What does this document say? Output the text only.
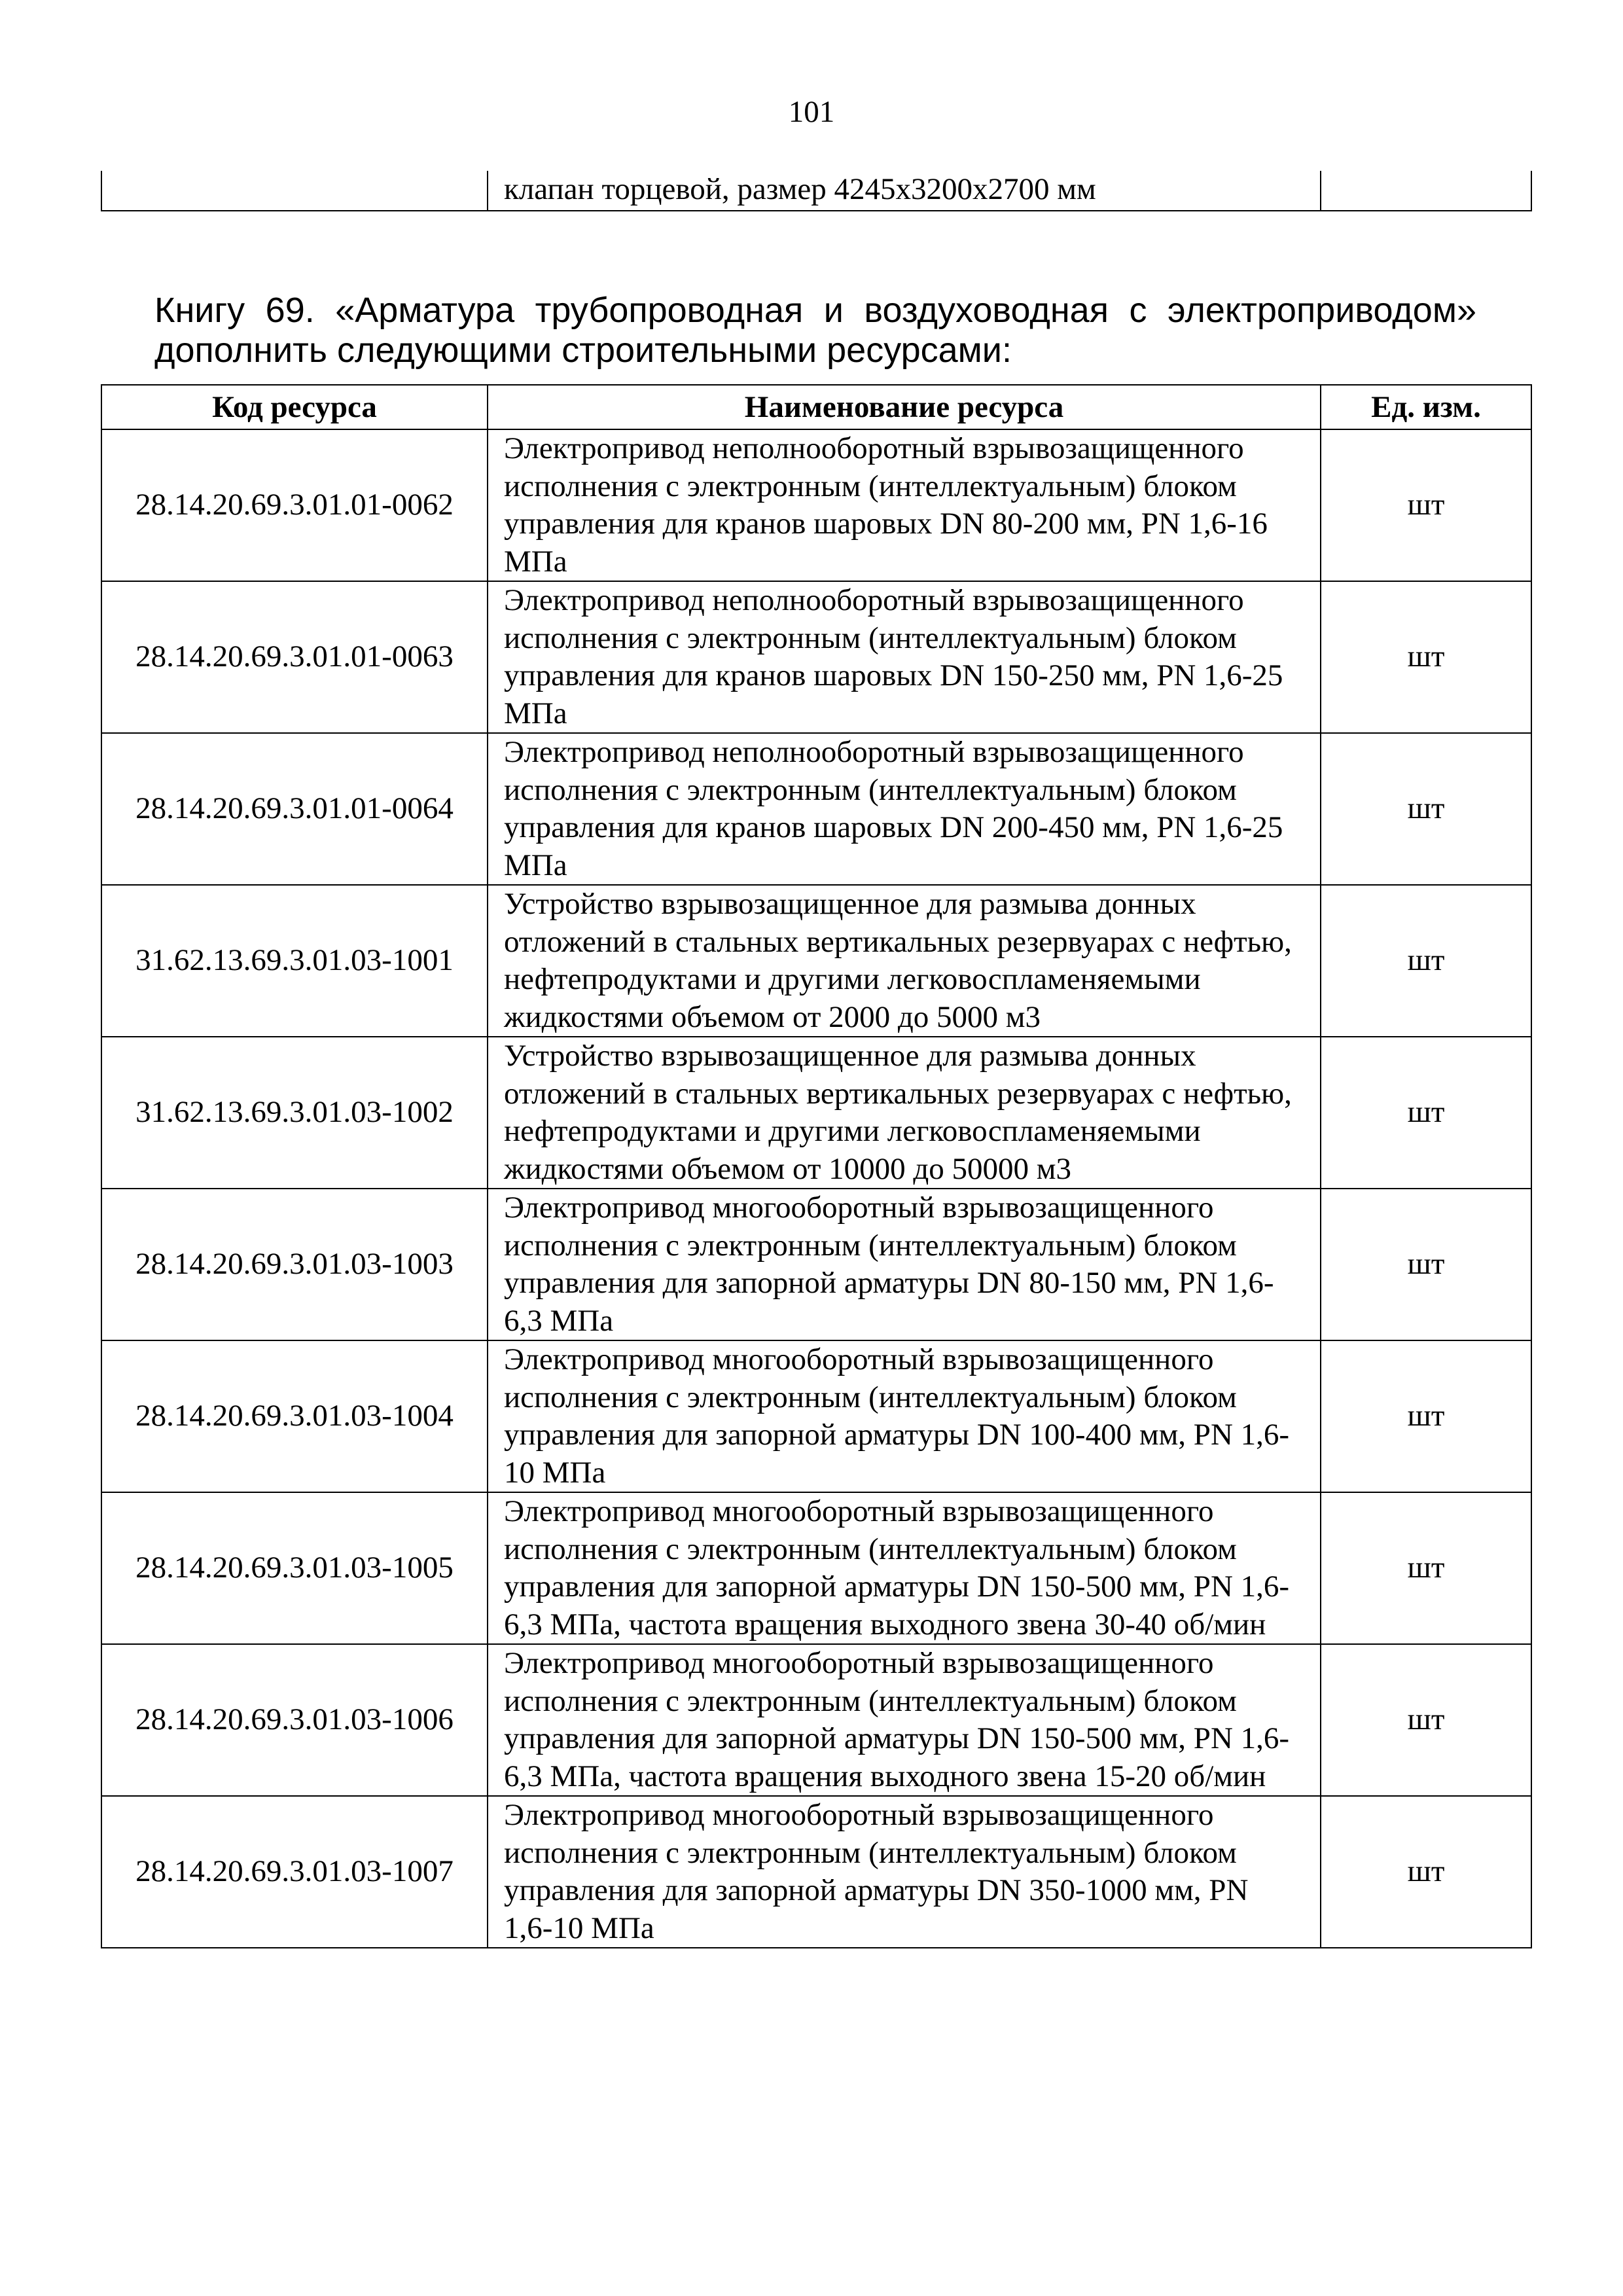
101
	клапан торцевой, размер 4245х3200х2700 мм	

Книгу 69. «Арматура трубопроводная и воздуховодная с электроприводом» дополнить следующими строительными ресурсами:

Код ресурса	Наименование ресурса	Ед. изм.
28.14.20.69.3.01.01-0062	Электропривод неполнооборотный взрывозащищенного исполнения с электронным (интеллектуальным) блоком управления для кранов шаровых DN 80-200 мм, PN 1,6-16 МПа	шт
28.14.20.69.3.01.01-0063	Электропривод неполнооборотный взрывозащищенного исполнения с электронным (интеллектуальным) блоком управления для кранов шаровых DN 150-250 мм, PN 1,6-25 МПа	шт
28.14.20.69.3.01.01-0064	Электропривод неполнооборотный взрывозащищенного исполнения с электронным (интеллектуальным) блоком управления для кранов шаровых DN 200-450 мм, PN 1,6-25 МПа	шт
31.62.13.69.3.01.03-1001	Устройство взрывозащищенное для размыва донных отложений в стальных вертикальных резервуарах с нефтью, нефтепродуктами и другими легковоспламеняемыми жидкостями объемом от 2000 до 5000 м3	шт
31.62.13.69.3.01.03-1002	Устройство взрывозащищенное для размыва донных отложений в стальных вертикальных резервуарах с нефтью, нефтепродуктами и другими легковоспламеняемыми жидкостями объемом от 10000 до 50000 м3	шт
28.14.20.69.3.01.03-1003	Электропривод многооборотный взрывозащищенного исполнения с электронным (интеллектуальным) блоком управления для запорной арматуры DN 80-150 мм, PN 1,6-6,3 МПа	шт
28.14.20.69.3.01.03-1004	Электропривод многооборотный взрывозащищенного исполнения с электронным (интеллектуальным) блоком управления для запорной арматуры DN 100-400 мм, PN 1,6-10 МПа	шт
28.14.20.69.3.01.03-1005	Электропривод многооборотный взрывозащищенного исполнения с электронным (интеллектуальным) блоком управления для запорной арматуры DN 150-500 мм, PN 1,6-6,3 МПа, частота вращения выходного звена 30-40 об/мин	шт
28.14.20.69.3.01.03-1006	Электропривод многооборотный взрывозащищенного исполнения с электронным (интеллектуальным) блоком управления для запорной арматуры DN 150-500 мм, PN 1,6-6,3 МПа, частота вращения выходного звена 15-20 об/мин	шт
28.14.20.69.3.01.03-1007	Электропривод многооборотный взрывозащищенного исполнения с электронным (интеллектуальным) блоком управления для запорной арматуры DN 350-1000 мм, PN 1,6-10 МПа	шт
